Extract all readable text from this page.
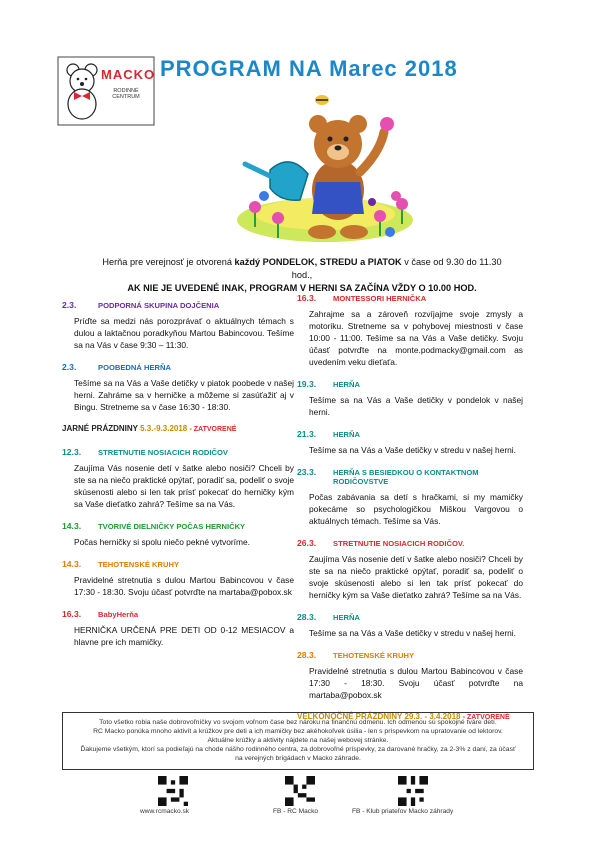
MACKO
RODINNÉ CENTRUM
PROGRAM NA Marec 2018
Herňa pre verejnosť je otvorená každý PONDELOK, STREDU a PIATOK v čase od 9.30 do 11.30 hod.,
AK NIE JE UVEDENÉ INAK, PROGRAM V HERNI SA ZAČÍNA VŽDY O 10.00 HOD.
2.3.	PODPORNÁ SKUPINA DOJČENIA
Príďte sa medzi nás porozprávať o aktuálnych témach s dulou a laktačnou poradkyňou Martou Babincovou. Tešíme sa na Vás v čase 9:30 – 11:30.
2.3.	POOBEDNÁ HERŇA
Tešíme sa na Vás a Vaše detičky v piatok poobede v našej herni. Zahráme sa v herničke a môžeme si zasúťažiť aj v Bingu. Stretneme sa v čase 16:30 - 18:30.
JARNÉ PRÁZDNINY 5.3.-9.3.2018 - ZATVORENÉ
12.3.	STRETNUTIE NOSIACICH RODIČOV
Zaujíma Vás nosenie detí v šatke alebo nosiči? Chceli by ste sa na niečo praktické opýtať, poradiť sa, podeliť o svoje skúsenosti alebo si len tak prísť pokecať do herničky kým sa Vaše dieťatko zahrá? Tešíme sa na Vás.
14.3.	TVORIVÉ DIELNIČKY POČAS HERNIČKY
Počas herničky si spolu niečo pekné vytvoríme.
14.3.	TEHOTENSKÉ KRUHY
Pravidelné stretnutia s dulou Martou Babincovou v čase 17:30 - 18:30. Svoju účasť potvrďte na martaba@pobox.sk
16.3.	BabyHerňa
HERNIČKA URČENÁ PRE DETI OD 0-12 MESIACOV a hlavne pre ich mamičky.
16.3.	MONTESSORI HERNIČKA
Zahrajme sa a zároveň rozvíjajme svoje zmysly a motoriku. Stretneme sa v pohybovej miestnosti v čase 10:00 - 11:00. Tešíme sa na Vás a Vaše detičky. Svoju účasť potvrďte na monte.podmacky@gmail.com as uvedením veku dieťaťa.
19.3.	HERŇA
Tešíme sa na Vás a Vaše detičky v pondelok v našej herni.
21.3.	HERŇA
Tešíme sa na Vás a Vaše detičky v stredu v našej herni.
23.3.	HERŇA S BESIEDKOU O KONTAKTNOM RODIČOVSTVE
Počas zabávania sa detí s hračkami, si my mamičky pokecáme so psychologičkou Miškou Vargovou o aktuálnych témach. Tešíme sa Vás.
26.3.	STRETNUTIE NOSIACICH RODIČOV.
Zaujíma Vás nosenie detí v šatke alebo nosiči? Chceli by ste sa na niečo praktické opýtať, poradiť sa, podeliť o svoje skúsenosti alebo si len tak prísť pokecať do herničky kým sa Vaše dieťatko zahrá? Tešíme sa na Vás.
28.3.	HERŇA
Tešíme sa na Vás a Vaše detičky v stredu v našej herni.
28.3.	TEHOTENSKÉ KRUHY
Pravidelné stretnutia s dulou Martou Babincovou v čase 17:30 - 18:30. Svoju účasť potvrďte na martaba@pobox.sk
VEĽKONOČNÉ PRÁZDNINY 29.3. - 3.4.2018 - ZATVORENÉ
Toto všetko robia naše dobrovoľníčky vo svojom voľnom čase bez nároku na finančnú odmenu. Ich odmenou sú spokojné tváre detí.
RC Macko ponúka mnoho aktivít a krúžkov pre deti a ich mamičky bez akéhokoľvek úsilia - len s príspevkom na upratovanie od lektorov.
Aktuálne krúžky a aktivity nájdete na našej webovej stránke.
Ďakujeme všetkým, ktorí sa podieľajú na chode nášho rodinného centra, za dobrovoľné príspevky, za darované hračky, za 2-3% z daní, za účasť
na verejných brigádach v Macko záhrade.
www.rcmacko.sk	FB - RC Macko	FB - Klub priateľov Macko záhrady
